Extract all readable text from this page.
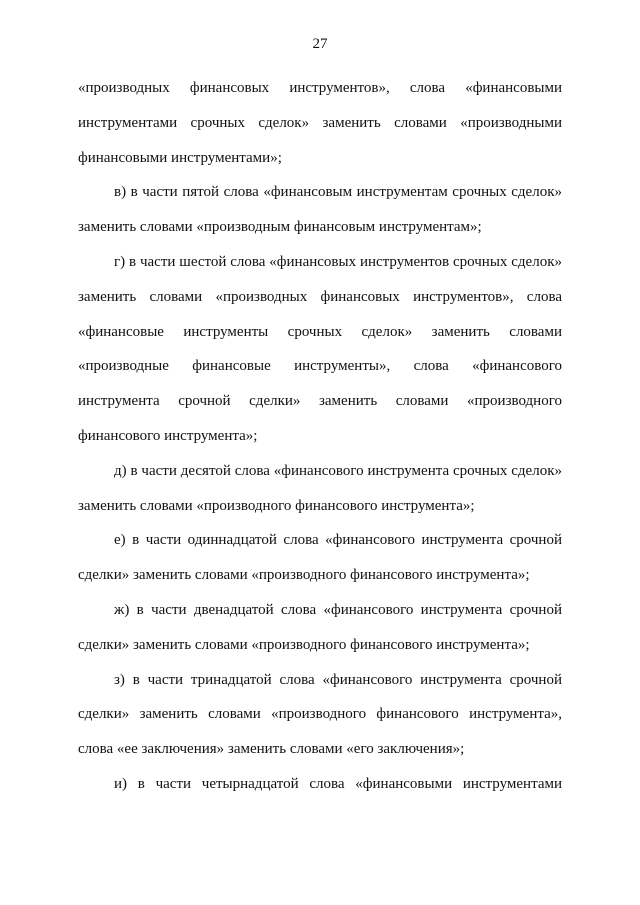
27

«производных финансовых инструментов», слова «финансовыми инструментами срочных сделок» заменить словами «производными финансовыми инструментами»;

в) в части пятой слова «финансовым инструментам срочных сделок» заменить словами «производным финансовым инструментам»;

г) в части шестой слова «финансовых инструментов срочных сделок» заменить словами «производных финансовых инструментов», слова «финансовые инструменты срочных сделок» заменить словами «производные финансовые инструменты», слова «финансового инструмента срочной сделки» заменить словами «производного финансового инструмента»;

д) в части десятой слова «финансового инструмента срочных сделок» заменить словами «производного финансового инструмента»;

е) в части одиннадцатой слова «финансового инструмента срочной сделки» заменить словами «производного финансового инструмента»;

ж) в части двенадцатой слова «финансового инструмента срочной сделки» заменить словами «производного финансового инструмента»;

з) в части тринадцатой слова «финансового инструмента срочной сделки» заменить словами «производного финансового инструмента», слова «ее заключения» заменить словами «его заключения»;

и) в части четырнадцатой слова «финансовыми инструментами
